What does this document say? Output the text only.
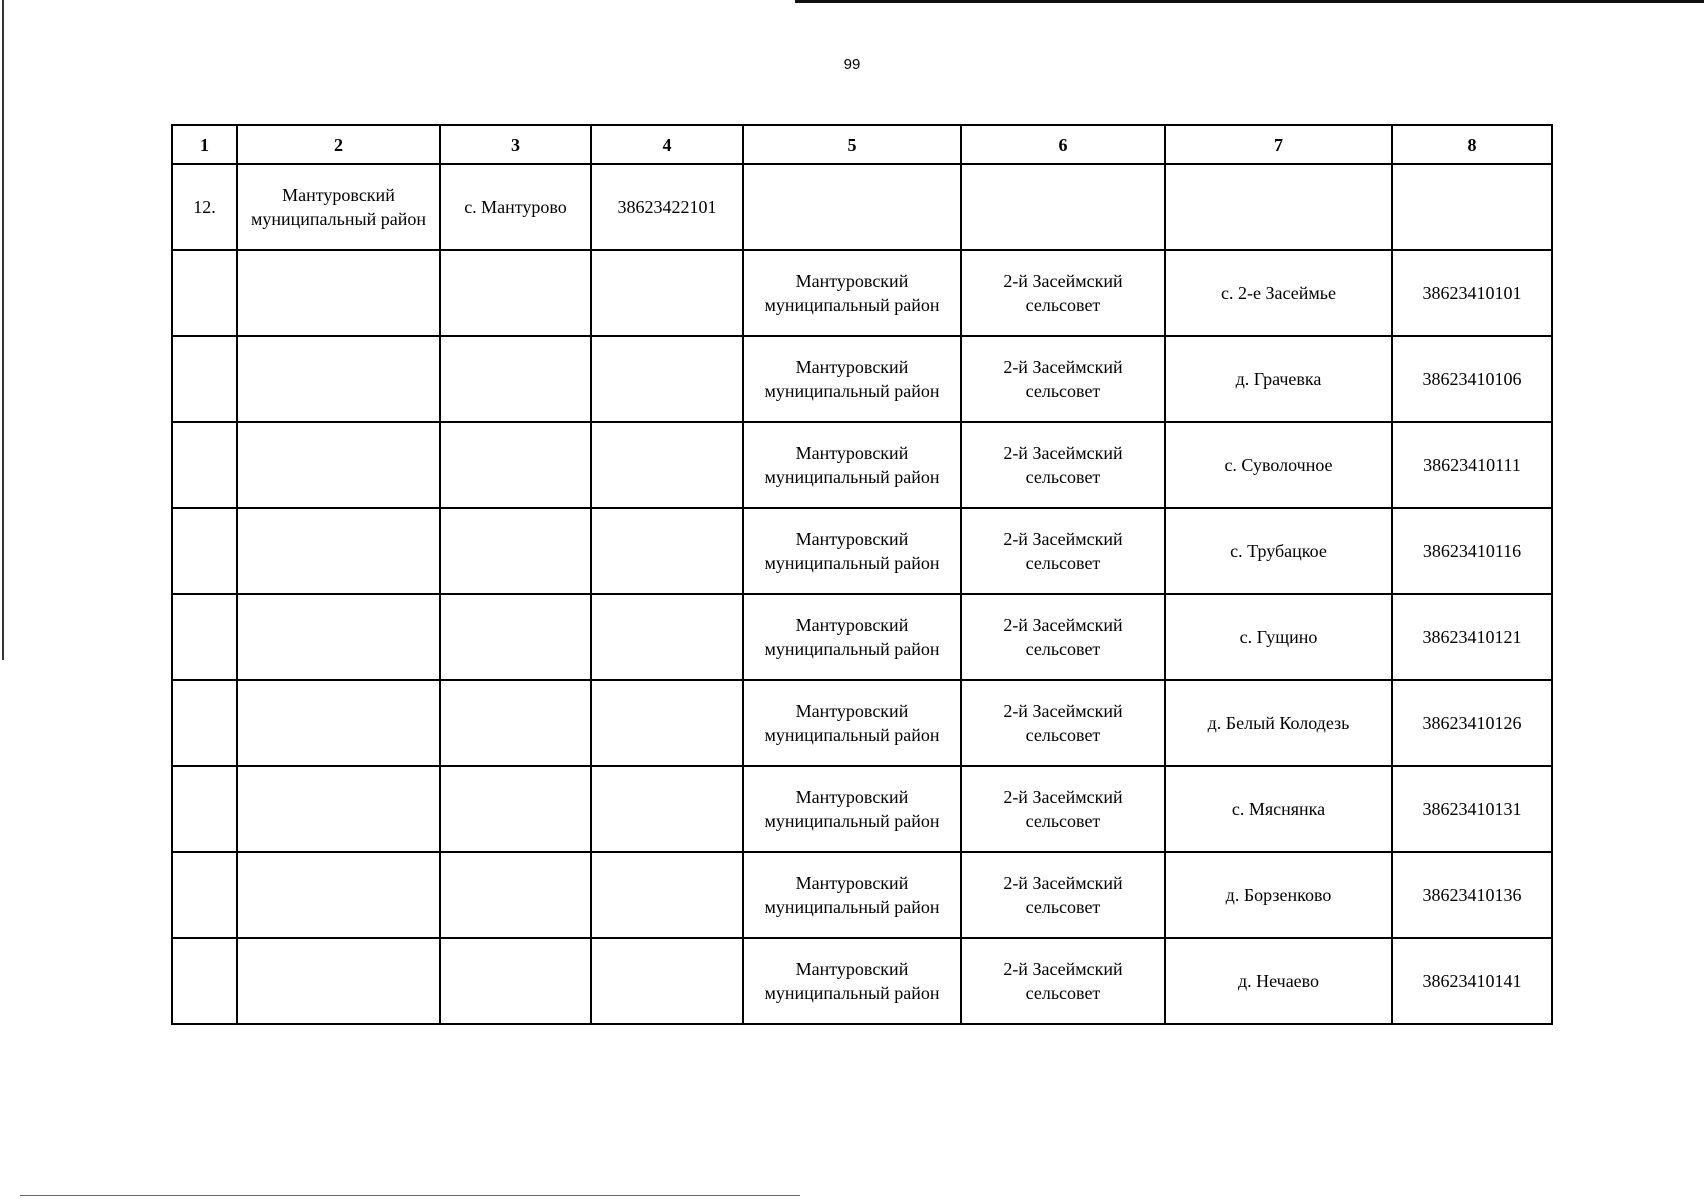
99
1	2	3	4	5	6	7	8
12.	Мантуровский муниципальный район	с. Мантурово	38623422101				
				Мантуровский муниципальный район	2-й Засеймский сельсовет	с. 2-е Засеймье	38623410101
				Мантуровский муниципальный район	2-й Засеймский сельсовет	д. Грачевка	38623410106
				Мантуровский муниципальный район	2-й Засеймский сельсовет	с. Суволочное	38623410111
				Мантуровский муниципальный район	2-й Засеймский сельсовет	с. Трубацкое	38623410116
				Мантуровский муниципальный район	2-й Засеймский сельсовет	с. Гущино	38623410121
				Мантуровский муниципальный район	2-й Засеймский сельсовет	д. Белый Колодезь	38623410126
				Мантуровский муниципальный район	2-й Засеймский сельсовет	с. Мяснянка	38623410131
				Мантуровский муниципальный район	2-й Засеймский сельсовет	д. Борзенково	38623410136
				Мантуровский муниципальный район	2-й Засеймский сельсовет	д. Нечаево	38623410141
